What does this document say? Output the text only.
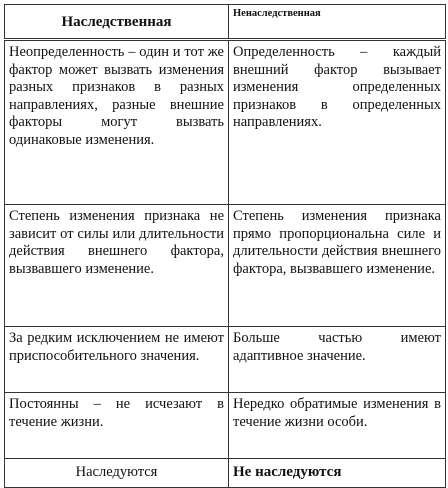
Наследственная	Ненаследственная
Неопределенность – один и тот же фактор может вызвать изменения разных признаков в разных направлениях, разные внешние факторы могут вызвать одинаковые изменения.	Определенность – каждый внешний фактор вызывает изменения определенных признаков в определенных направлениях.
Степень изменения признака не зависит от силы или длительности действия внешнего фактора, вызвавшего изменение.	Степень изменения признака прямо пропорциональна силе и длительности действия внешнего фактора, вызвавшего изменение.
За редким исключением не имеют приспособительного значения.	Больше частью имеют адаптивное значение.
Постоянны – не исчезают в течение жизни.	Нередко обратимые изменения в течение жизни особи.
Наследуются	Не наследуются
